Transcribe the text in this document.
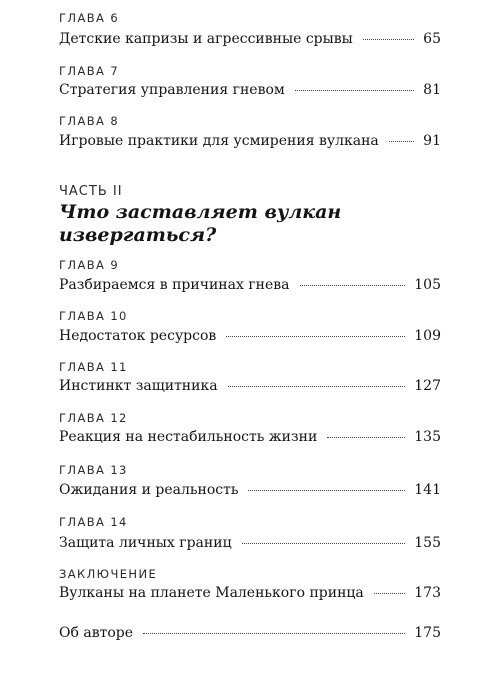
ГЛАВА 6
Детские капризы и агрессивные срывы	65
ГЛАВА 7
Стратегия управления гневом	81
ГЛАВА 8
Игровые практики для усмирения вулкана	91
ЧАСТЬ II
Что заставляет вулкан
извергаться?
ГЛАВА 9
Разбираемся в причинах гнева	105
ГЛАВА 10
Недостаток ресурсов	109
ГЛАВА 11
Инстинкт защитника	127
ГЛАВА 12
Реакция на нестабильность жизни	135
ГЛАВА 13
Ожидания и реальность	141
ГЛАВА 14
Защита личных границ	155
ЗАКЛЮЧЕНИЕ
Вулканы на планете Маленького принца	173
Об авторе	175
